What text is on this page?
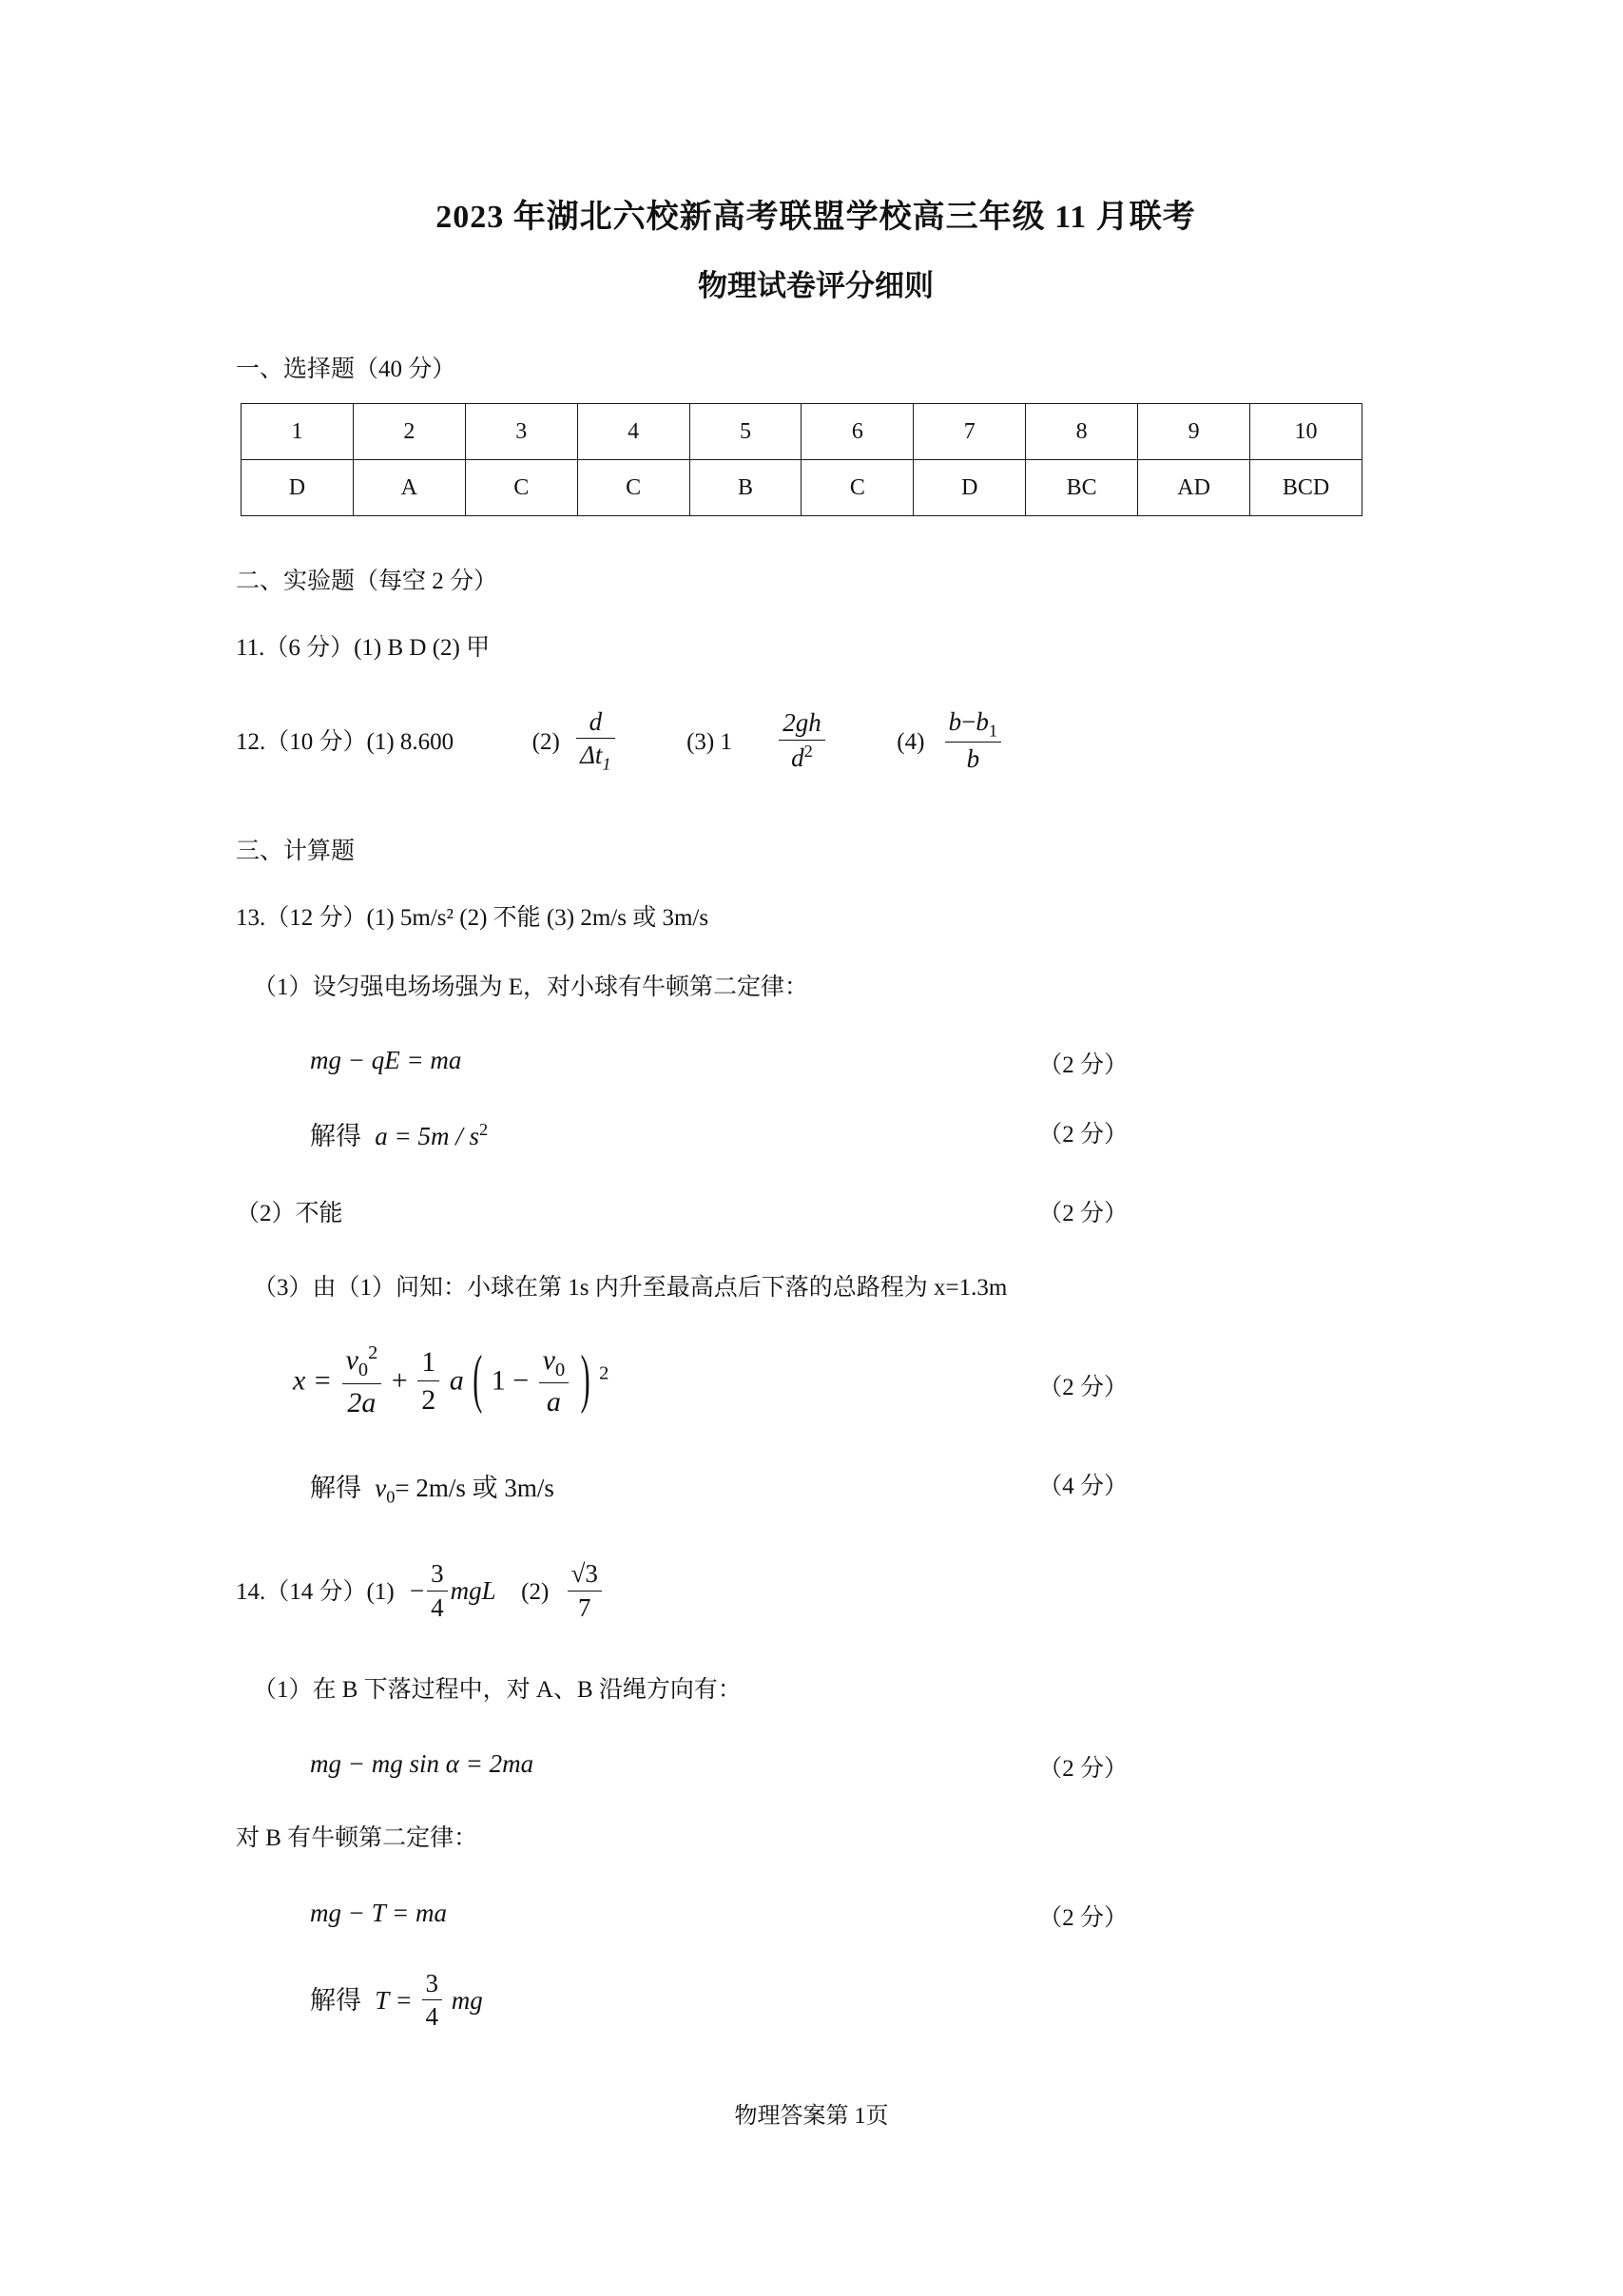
2023 年湖北六校新高考联盟学校高三年级 11 月联考
物理试卷评分细则
一、选择题（40 分）
1	2	3	4	5	6	7	8	9	10
D	A	C	C	B	C	D	BC	AD	BCD
二、实验题（每空 2 分）
11.（6 分）(1) B D (2) 甲
12.（10 分）(1) 8.600	$(2) \frac{d}{\Delta t_1}$	(3) $1 \frac{2gh}{d^2}$	$(4) \frac{b-b_1}{b}$
三、计算题
13.（12 分）(1) 5m/s² (2) 不能 (3) 2m/s 或 3m/s
（1）设匀强电场场强为 E，对小球有牛顿第二定律：
mg − qE = ma	（2 分）
解得 $a = 5m / s^2$	（2 分）
（2）不能	（2 分）
（3）由（1）问知：小球在第 1s 内升至最高点后下落的总路程为 x=1.3m
$x = \frac{v_0^2}{2a} + \frac{1}{2}$ a ( $1 - \frac{v_0}{a}$ ) $^2$
（2 分）
解得 $v_0= 2m/s$ 或 3m/s	（4 分）
14.（14 分）$(1) - \frac{3}{4}$ mgL $(2) \frac{√3}{7}$
（1）在 B 下落过程中，对 A、B 沿绳方向有：
mg − mg sin α = 2ma	（2 分）
对 B 有牛顿第二定律：
mg − T = ma	（2 分）
解得 $T = \frac{3}{4}$ mg
物理答案第 1页
